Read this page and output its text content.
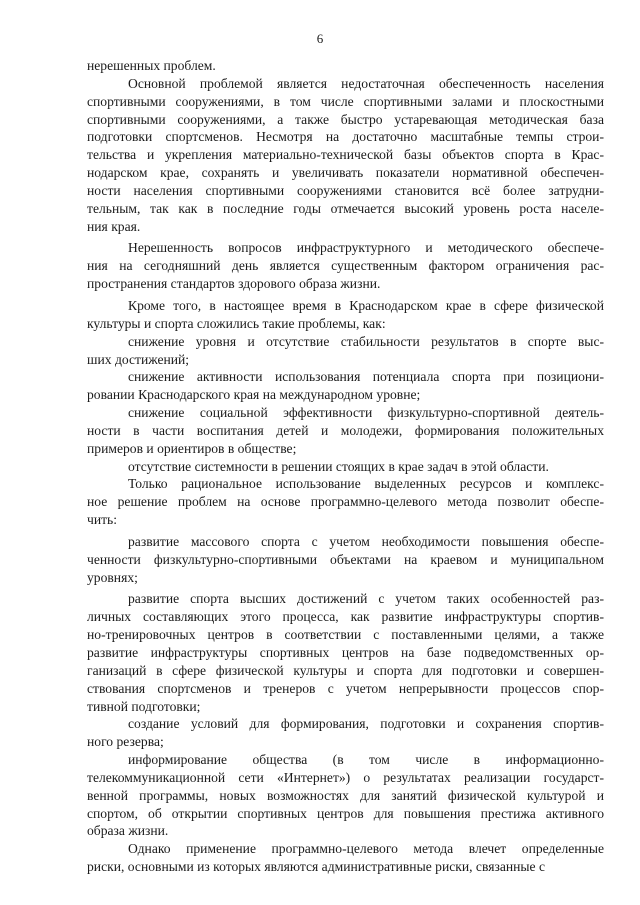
6
нерешенных проблем.
Основной проблемой является недостаточная обеспеченность населения
спортивными сооружениями, в том числе спортивными залами и плоскостными
спортивными сооружениями, а также быстро устаревающая методическая база
подготовки спортсменов. Несмотря на достаточно масштабные темпы строи-
тельства и укрепления материально-технической базы объектов спорта в Крас-
нодарском крае, сохранять и увеличивать показатели нормативной обеспечен-
ности населения спортивными сооружениями становится всё более затрудни-
тельным, так как в последние годы отмечается высокий уровень роста населе-
ния края.
Нерешенность вопросов инфраструктурного и методического обеспече-
ния на сегодняшний день является существенным фактором ограничения рас-
пространения стандартов здорового образа жизни.
Кроме того, в настоящее время в Краснодарском крае в сфере физической
культуры и спорта сложились такие проблемы, как:
снижение уровня и отсутствие стабильности результатов в спорте выс-
ших достижений;
снижение активности использования потенциала спорта при позициони-
ровании Краснодарского края на международном уровне;
снижение социальной эффективности физкультурно-спортивной деятель-
ности в части воспитания детей и молодежи, формирования положительных
примеров и ориентиров в обществе;
отсутствие системности в решении стоящих в крае задач в этой области.
Только рациональное использование выделенных ресурсов и комплекс-
ное решение проблем на основе программно-целевого метода позволит обеспе-
чить:
развитие массового спорта с учетом необходимости повышения обеспе-
ченности физкультурно-спортивными объектами на краевом и муниципальном
уровнях;
развитие спорта высших достижений с учетом таких особенностей раз-
личных составляющих этого процесса, как развитие инфраструктуры спортив-
но-тренировочных центров в соответствии с поставленными целями, а также
развитие инфраструктуры спортивных центров на базе подведомственных ор-
ганизаций в сфере физической культуры и спорта для подготовки и совершен-
ствования спортсменов и тренеров с учетом непрерывности процессов спор-
тивной подготовки;
создание условий для формирования, подготовки и сохранения спортив-
ного резерва;
информирование общества (в том числе в информационно-
телекоммуникационной сети «Интернет») о результатах реализации государст-
венной программы, новых возможностях для занятий физической культурой и
спортом, об открытии спортивных центров для повышения престижа активного
образа жизни.
Однако применение программно-целевого метода влечет определенные
риски, основными из которых являются административные риски, связанные с
